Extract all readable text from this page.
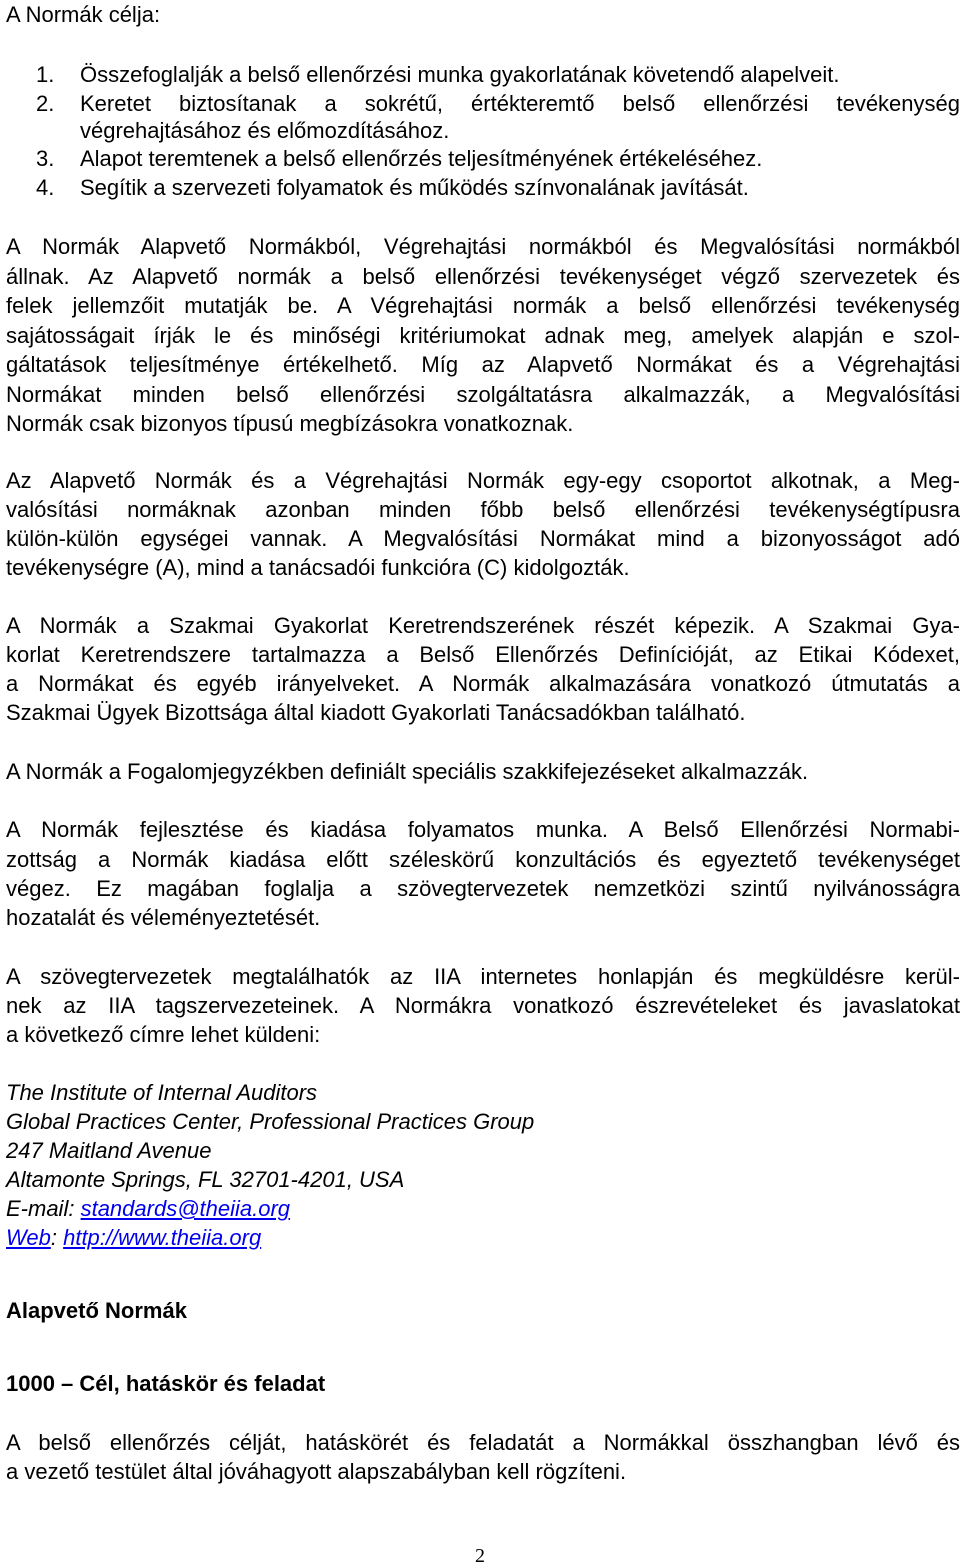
A Normák célja:
1. Összefoglalják a belső ellenőrzési munka gyakorlatának követendő alapelveit.
2. Keretet biztosítanak a sokrétű, értékteremtő belső ellenőrzési tevékenység
végrehajtásához és előmozdításához.
3. Alapot teremtenek a belső ellenőrzés teljesítményének értékeléséhez.
4. Segítik a szervezeti folyamatok és működés színvonalának javítását.
A Normák Alapvető Normákból, Végrehajtási normákból és Megvalósítási normákból
állnak. Az Alapvető normák a belső ellenőrzési tevékenységet végző szervezetek és
felek jellemzőit mutatják be. A Végrehajtási normák a belső ellenőrzési tevékenység
sajátosságait írják le és minőségi kritériumokat adnak meg, amelyek alapján e szol-
gáltatások teljesítménye értékelhető. Míg az Alapvető Normákat és a Végrehajtási
Normákat minden belső ellenőrzési szolgáltatásra alkalmazzák, a Megvalósítási
Normák csak bizonyos típusú megbízásokra vonatkoznak.
Az Alapvető Normák és a Végrehajtási Normák egy-egy csoportot alkotnak, a Meg-
valósítási normáknak azonban minden főbb belső ellenőrzési tevékenységtípusra
külön-külön egységei vannak. A Megvalósítási Normákat mind a bizonyosságot adó
tevékenységre (A), mind a tanácsadói funkcióra (C) kidolgozták.
A Normák a Szakmai Gyakorlat Keretrendszerének részét képezik. A Szakmai Gya-
korlat Keretrendszere tartalmazza a Belső Ellenőrzés Definícióját, az Etikai Kódexet,
a Normákat és egyéb irányelveket. A Normák alkalmazására vonatkozó útmutatás a
Szakmai Ügyek Bizottsága által kiadott Gyakorlati Tanácsadókban található.
A Normák a Fogalomjegyzékben definiált speciális szakkifejezéseket alkalmazzák.
A Normák fejlesztése és kiadása folyamatos munka. A Belső Ellenőrzési Normabi-
zottság a Normák kiadása előtt széleskörű konzultációs és egyeztető tevékenységet
végez. Ez magában foglalja a szövegtervezetek nemzetközi szintű nyilvánosságra
hozatalát és véleményeztetését.
A szövegtervezetek megtalálhatók az IIA internetes honlapján és megküldésre kerül-
nek az IIA tagszervezeteinek. A Normákra vonatkozó észrevételeket és javaslatokat
a következő címre lehet küldeni:
The Institute of Internal Auditors
Global Practices Center, Professional Practices Group
247 Maitland Avenue
Altamonte Springs, FL 32701-4201, USA
E-mail: standards@theiia.org
Web: http://www.theiia.org
Alapvető Normák
1000 – Cél, hatáskör és feladat
A belső ellenőrzés célját, hatáskörét és feladatát a Normákkal összhangban lévő és
a vezető testület által jóváhagyott alapszabályban kell rögzíteni.
2
